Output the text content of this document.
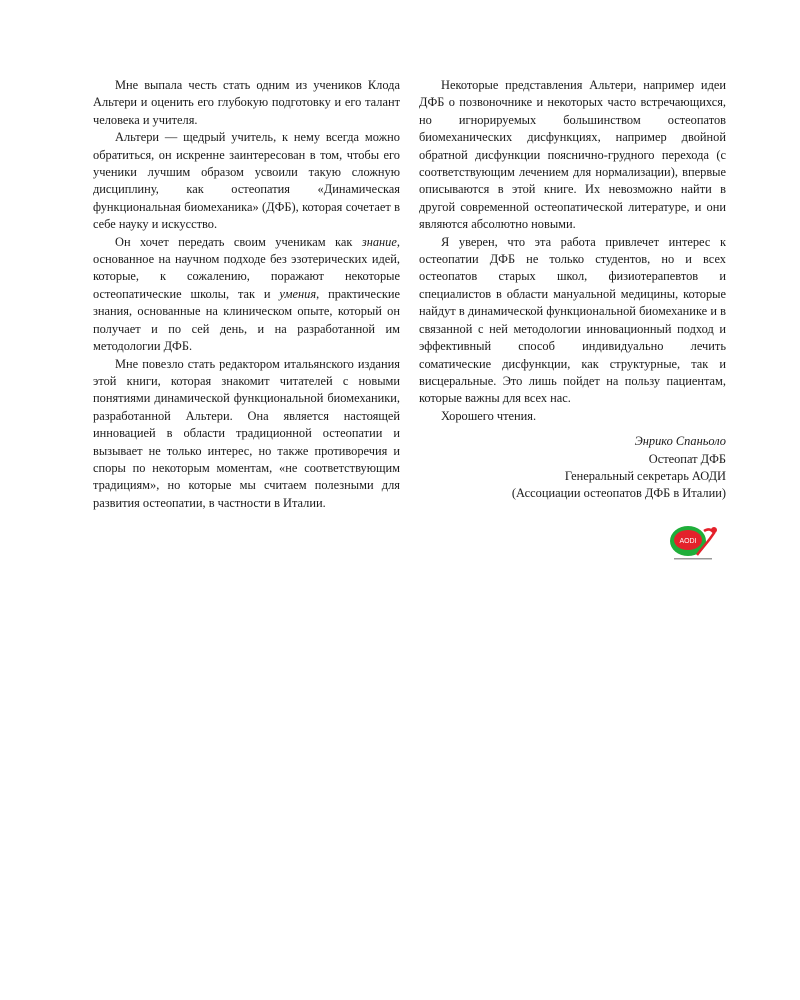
Мне выпала честь стать одним из учеников Клода Альтери и оценить его глубокую подготовку и его талант человека и учителя.

Альтери — щедрый учитель, к нему всегда можно обратиться, он искренне заинтересован в том, чтобы его ученики лучшим образом усвоили такую сложную дисциплину, как остеопатия «Динамическая функциональная биомеханика» (ДФБ), которая сочетает в себе науку и искусство.

Он хочет передать своим ученикам как знание, основанное на научном подходе без эзотерических идей, которые, к сожалению, поражают некоторые остеопатические школы, так и умения, практические знания, основанные на клиническом опыте, который он получает и по сей день, и на разработанной им методологии ДФБ.

Мне повезло стать редактором итальянского издания этой книги, которая знакомит читателей с новыми понятиями динамической функциональной биомеханики, разработанной Альтери. Она является настоящей инновацией в области традиционной остеопатии и вызывает не только интерес, но также противоречия и споры по некоторым моментам, «не соответствующим традициям», но которые мы считаем полезными для развития остеопатии, в частности в Италии.

Некоторые представления Альтери, например идеи ДФБ о позвоночнике и некоторых часто встречающихся, но игнорируемых большинством остеопатов биомеханических дисфункциях, например двойной обратной дисфункции пояснично-грудного перехода (с соответствующим лечением для нормализации), впервые описываются в этой книге. Их невозможно найти в другой современной остеопатической литературе, и они являются абсолютно новыми.

Я уверен, что эта работа привлечет интерес к остеопатии ДФБ не только студентов, но и всех остеопатов старых школ, физиотерапевтов и специалистов в области мануальной медицины, которые найдут в динамической функциональной биомеханике и в связанной с ней методологии инновационный подход и эффективный способ индивидуально лечить соматические дисфункции, как структурные, так и висцеральные. Это лишь пойдет на пользу пациентам, которые важны для всех нас.

Хорошего чтения.

Энрико Спаньоло
Остеопат ДФБ
Генеральный секретарь АОДИ
(Ассоциации остеопатов ДФБ в Италии)
AODI
